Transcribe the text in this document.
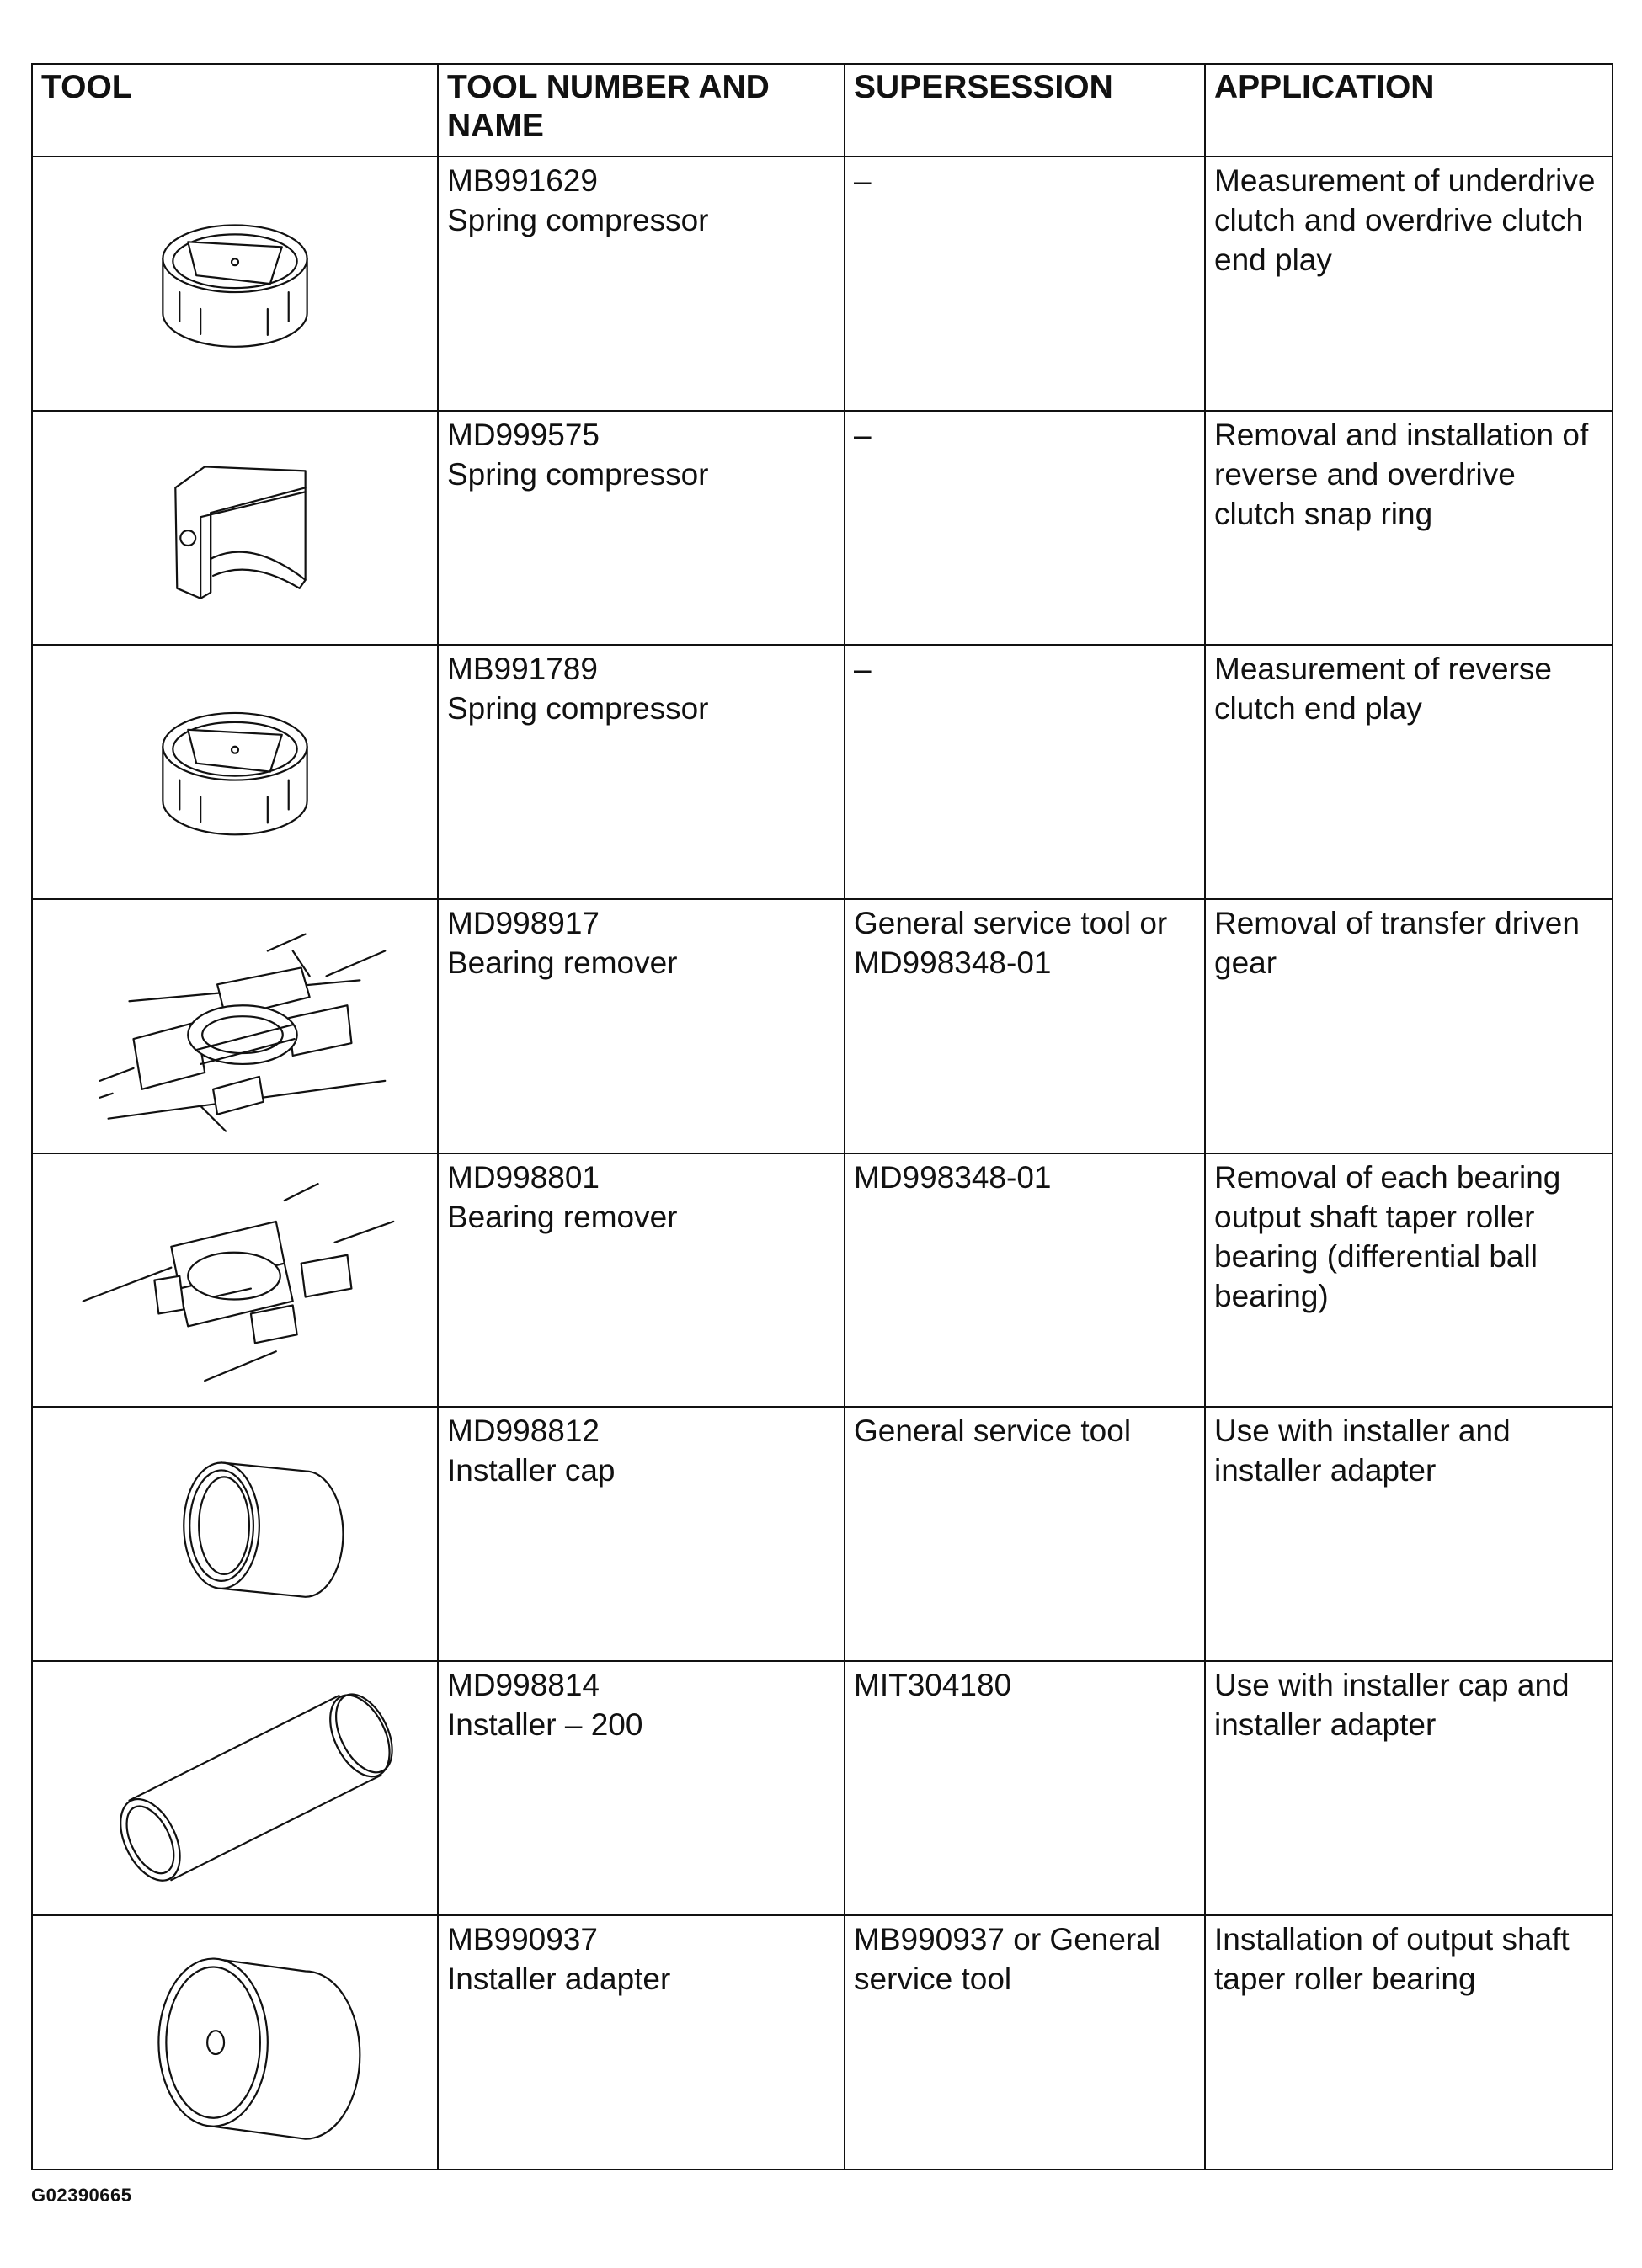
TOOL	TOOL NUMBER AND NAME	SUPERSESSION	APPLICATION

MB991629
Spring compressor	–	Measurement of underdrive clutch and overdrive clutch end play

MD999575
Spring compressor	–	Removal and installation of reverse and overdrive clutch snap ring

MB991789
Spring compressor	–	Measurement of reverse clutch end play

MD998917
Bearing remover	General service tool or MD998348-01	Removal of transfer driven gear

MD998801
Bearing remover	MD998348-01	Removal of each bearing output shaft taper roller bearing (differential ball bearing)

MD998812
Installer cap	General service tool	Use with installer and installer adapter

MD998814
Installer – 200	MIT304180	Use with installer cap and installer adapter

MB990937
Installer adapter	MB990937 or General service tool	Installation of output shaft taper roller bearing
G02390665
